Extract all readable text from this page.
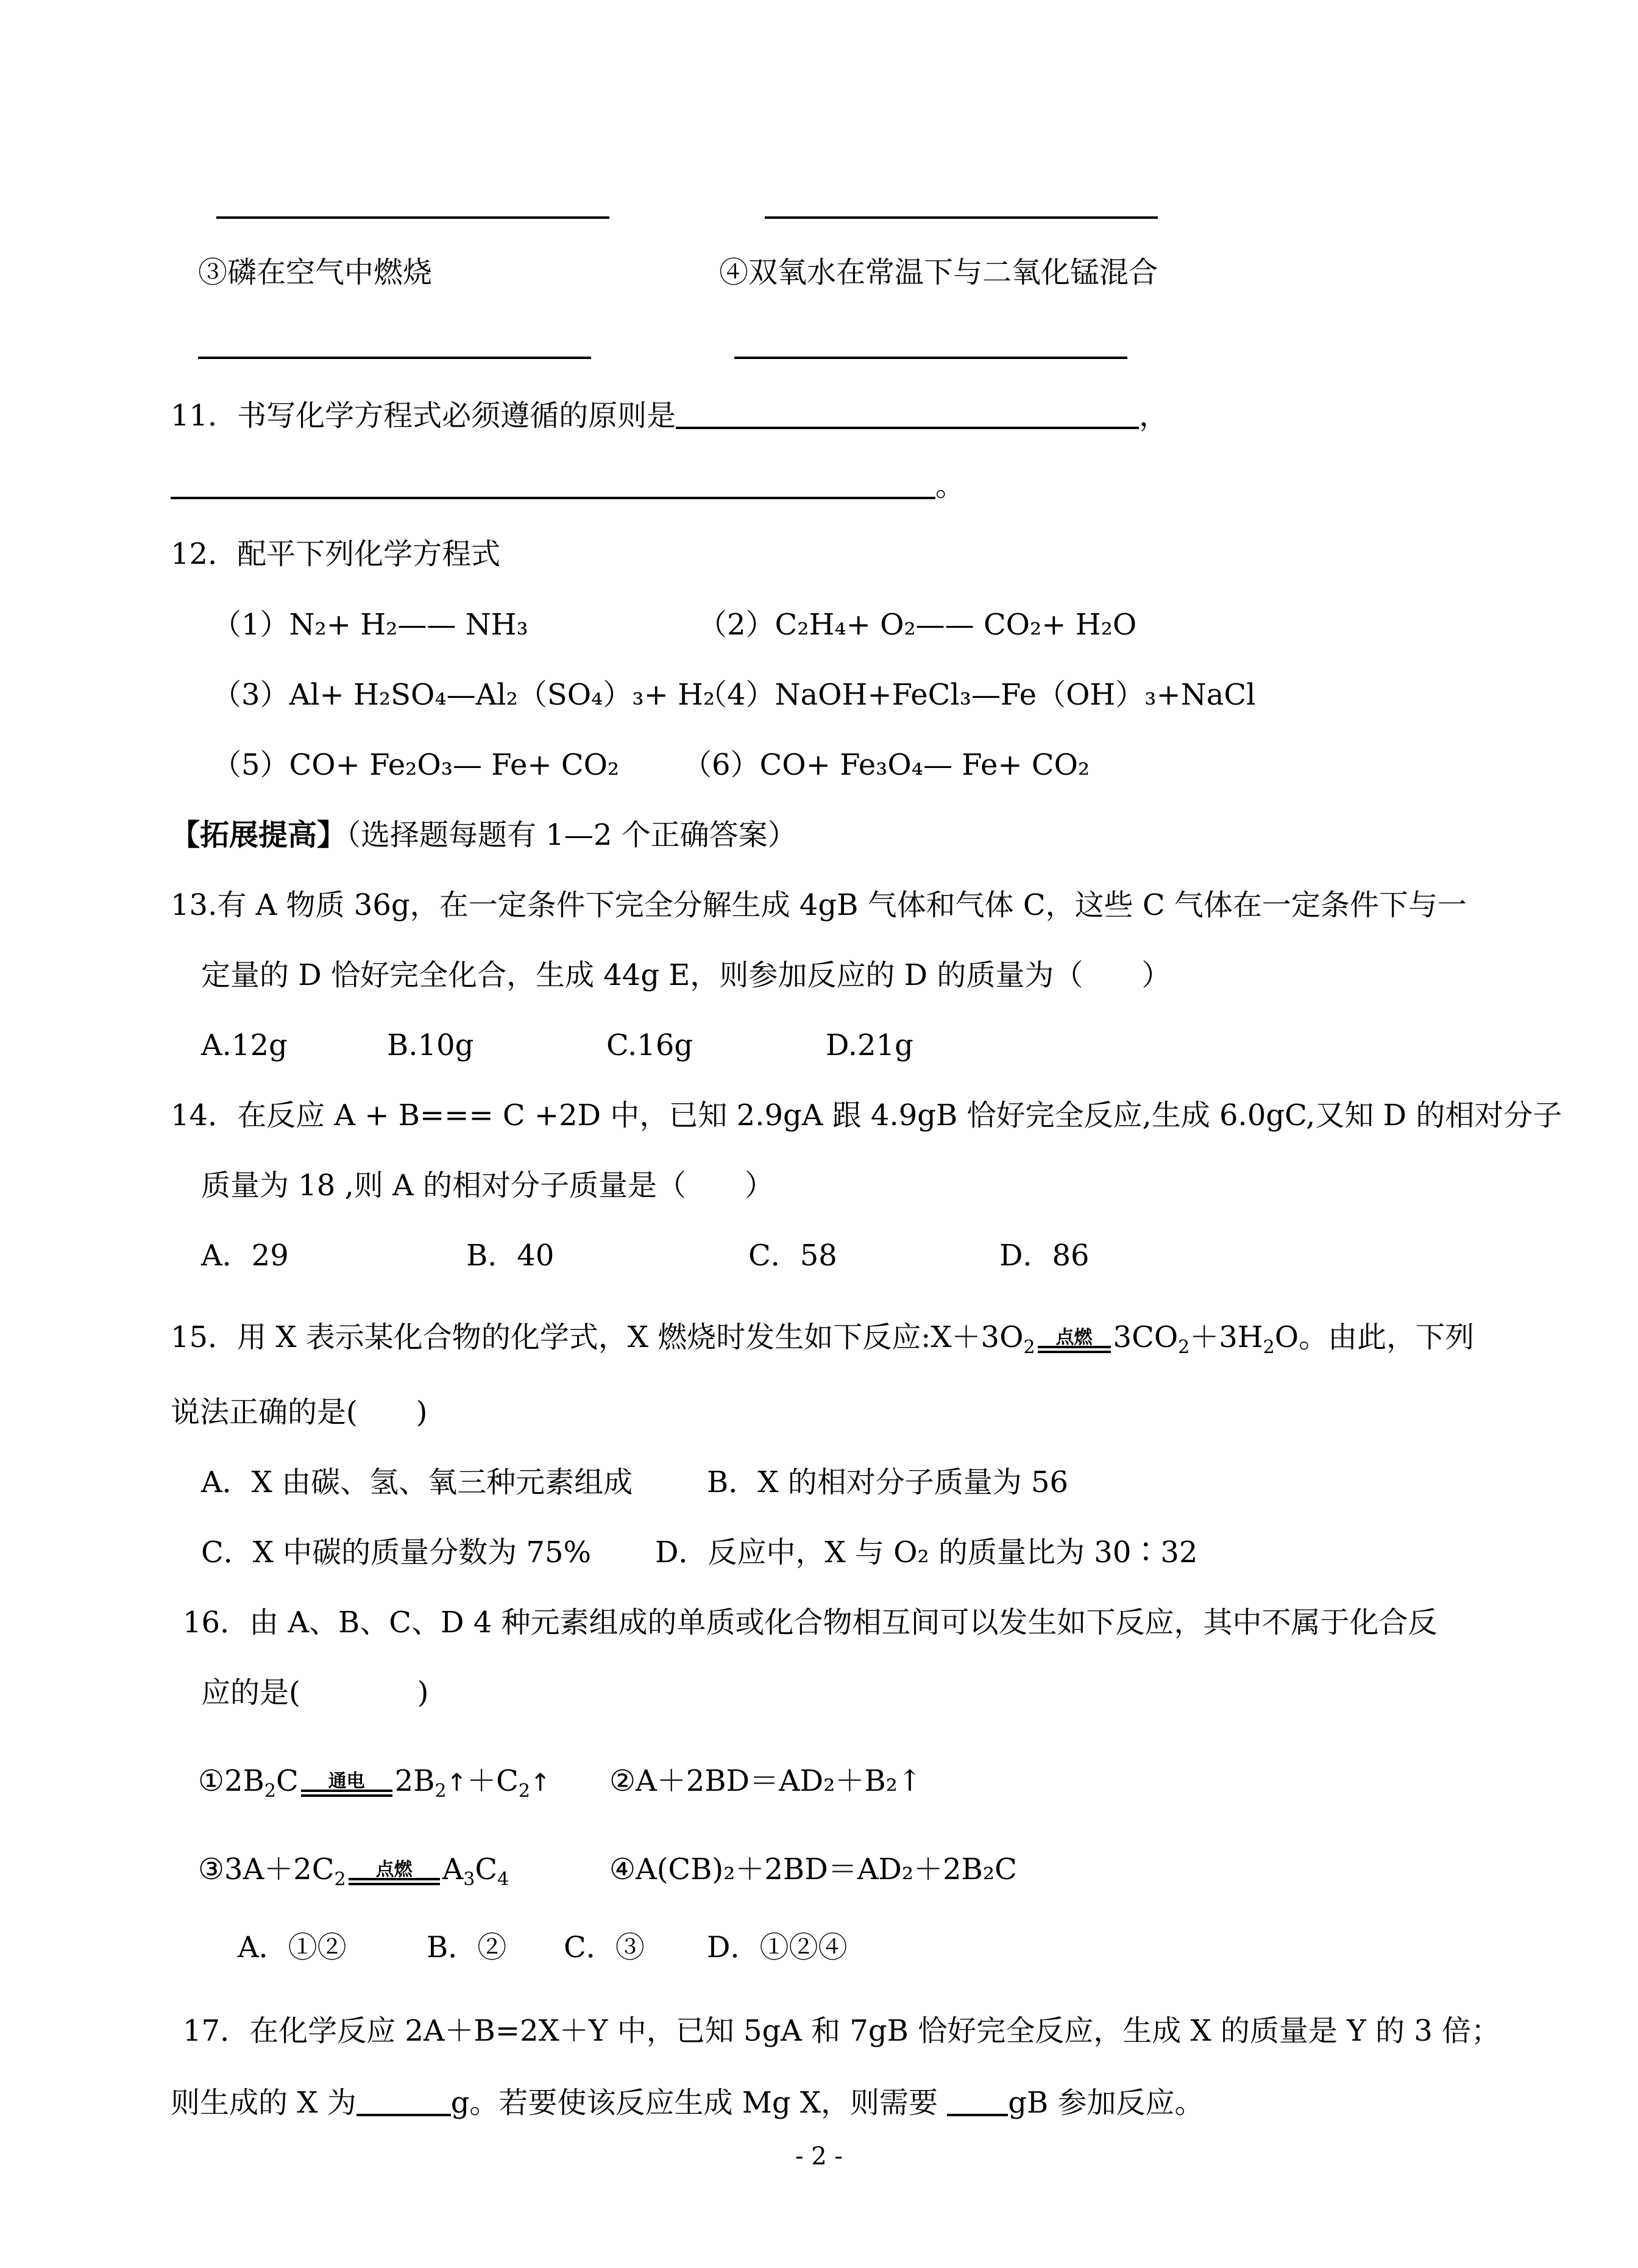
③磷在空气中燃烧	④双氧水在常温下与二氧化锰混合
11．书写化学方程式必须遵循的原则是	，
。
12．配平下列化学方程式
（1）N₂+ H₂—— NH₃	（2）C₂H₄+ O₂—— CO₂+ H₂O
（3）Al+ H₂SO₄—Al₂（SO₄）₃+ H₂
（4）NaOH+FeCl₃—Fe（OH）₃+NaCl
（5）CO+ Fe₂O₃— Fe+ CO₂ （6）CO+ Fe₃O₄— Fe+ CO₂
【拓展提高】（选择题每题有 1—2 个正确答案）
13.有 A 物质 36g，在一定条件下完全分解生成 4gB 气体和气体 C，这些 C 气体在一定条件下与一
定量的 D 恰好完全化合，生成 44g E，则参加反应的 D 的质量为（　　）
A.12g	B.10g	C.16g	D.21g
14．在反应 A + B=== C +2D 中，已知 2.9gA 跟 4.9gB 恰好完全反应,生成 6.0gC,又知 D 的相对分子
质量为 18 ,则 A 的相对分子质量是（　　）
A．29	B．40	C．58	D．86
15．用 X 表示某化合物的化学式，X 燃烧时发生如下反应$:X+3O_2$	点燃 $3CO_2+3H_2O$。由此，下列
说法正确的是(　　)
A．X 由碳、氢、氧三种元素组成	B．X 的相对分子质量为 56
C．X 中碳的质量分数为 75% D．反应中，X 与 O₂ 的质量比为 30∶32
16．由 A、B、C、D 4 种元素组成的单质或化合物相互间可以发生如下反应，其中不属于化合反
应的是(　　　　)
$①2B_2C$	通电	$2B_2↑+C_2↑$ ②A＋2BD＝AD₂＋B₂↑
$③3A+2C_2$	点燃	$A_3C_4$	④A(CB)₂＋2BD＝AD₂＋2B₂C
A．①②	B．② C．③ D．①②④
17．在化学反应 2A＋B=2X＋Y 中，已知 5gA 和 7gB 恰好完全反应，生成 X 的质量是 Y 的 3 倍；
则生成的 X 为	g。若要使该反应生成 Mg X，则需要 gB 参加反应。
- 2 -
